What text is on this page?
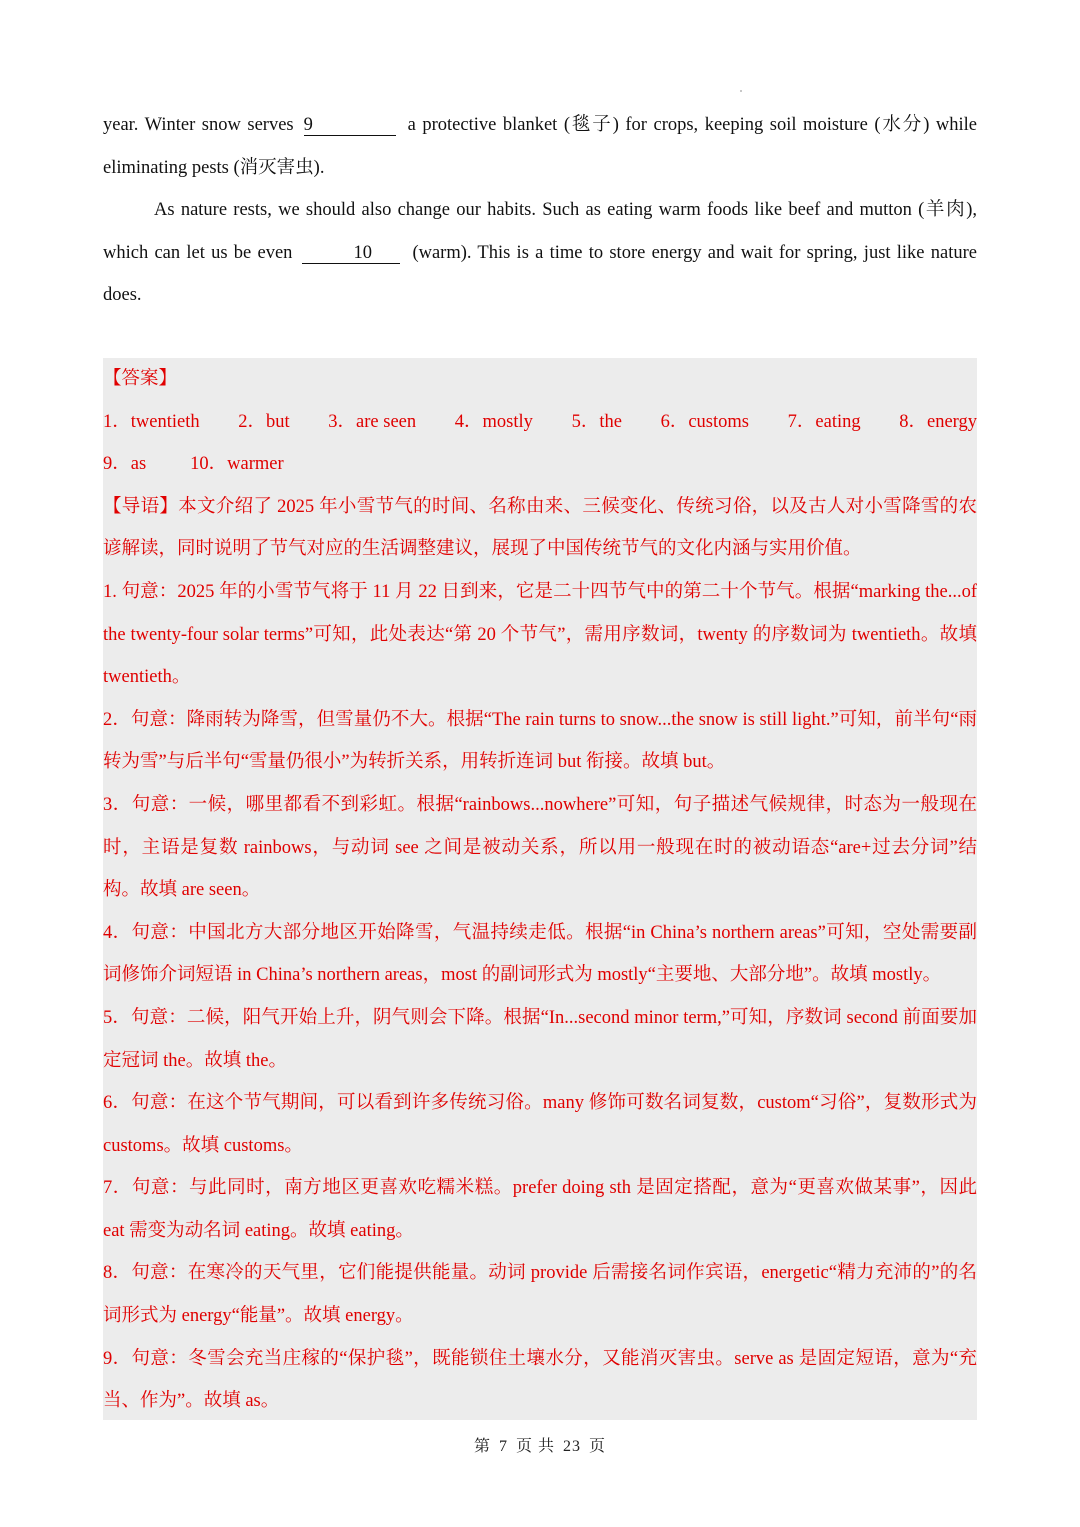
year. Winter snow serves 9	a protective blanket (毯子) for crops, keeping soil moisture (水分) while eliminating pests (消灭害虫).

As nature rests, we should also change our habits. Such as eating warm foods like beef and mutton (羊肉), which can let us be even	10 (warm). This is a time to store energy and wait for spring, just like nature does.

【答案】

1．twentieth 2．but 3．are seen 4．mostly 5．the 6．customs 7．eating 8．energy
9．as 10．warmer

【导语】本文介绍了 2025 年小雪节气的时间、名称由来、三候变化、传统习俗，以及古人对小雪降雪的农谚解读，同时说明了节气对应的生活调整建议，展现了中国传统节气的文化内涵与实用价值。

1. 句意：2025 年的小雪节气将于 11 月 22 日到来，它是二十四节气中的第二十个节气。根据“marking the...of the twenty-four solar terms”可知，此处表达“第 20 个节气”，需用序数词，twenty 的序数词为 twentieth。故填 twentieth。

2．句意：降雨转为降雪，但雪量仍不大。根据“The rain turns to snow...the snow is still light.”可知，前半句“雨转为雪”与后半句“雪量仍很小”为转折关系，用转折连词 but 衔接。故填 but。

3．句意：一候，哪里都看不到彩虹。根据“rainbows...nowhere”可知，句子描述气候规律，时态为一般现在时，主语是复数 rainbows，与动词 see 之间是被动关系，所以用一般现在时的被动语态“are+过去分词”结构。故填 are seen。

4．句意：中国北方大部分地区开始降雪，气温持续走低。根据“in China’s northern areas”可知，空处需要副词修饰介词短语 in China’s northern areas，most 的副词形式为 mostly“主要地、大部分地”。故填 mostly。

5．句意：二候，阳气开始上升，阴气则会下降。根据“In...second minor term,”可知，序数词 second 前面要加定冠词 the。故填 the。

6．句意：在这个节气期间，可以看到许多传统习俗。many 修饰可数名词复数，custom“习俗”，复数形式为 customs。故填 customs。

7．句意：与此同时，南方地区更喜欢吃糯米糕。prefer doing sth 是固定搭配，意为“更喜欢做某事”，因此 eat 需变为动名词 eating。故填 eating。

8．句意：在寒冷的天气里，它们能提供能量。动词 provide 后需接名词作宾语，energetic“精力充沛的”的名词形式为 energy“能量”。故填 energy。

9．句意：冬雪会充当庄稼的“保护毯”，既能锁住土壤水分，又能消灭害虫。serve as 是固定短语，意为“充当、作为”。故填 as。

第 7 页 共 23 页
